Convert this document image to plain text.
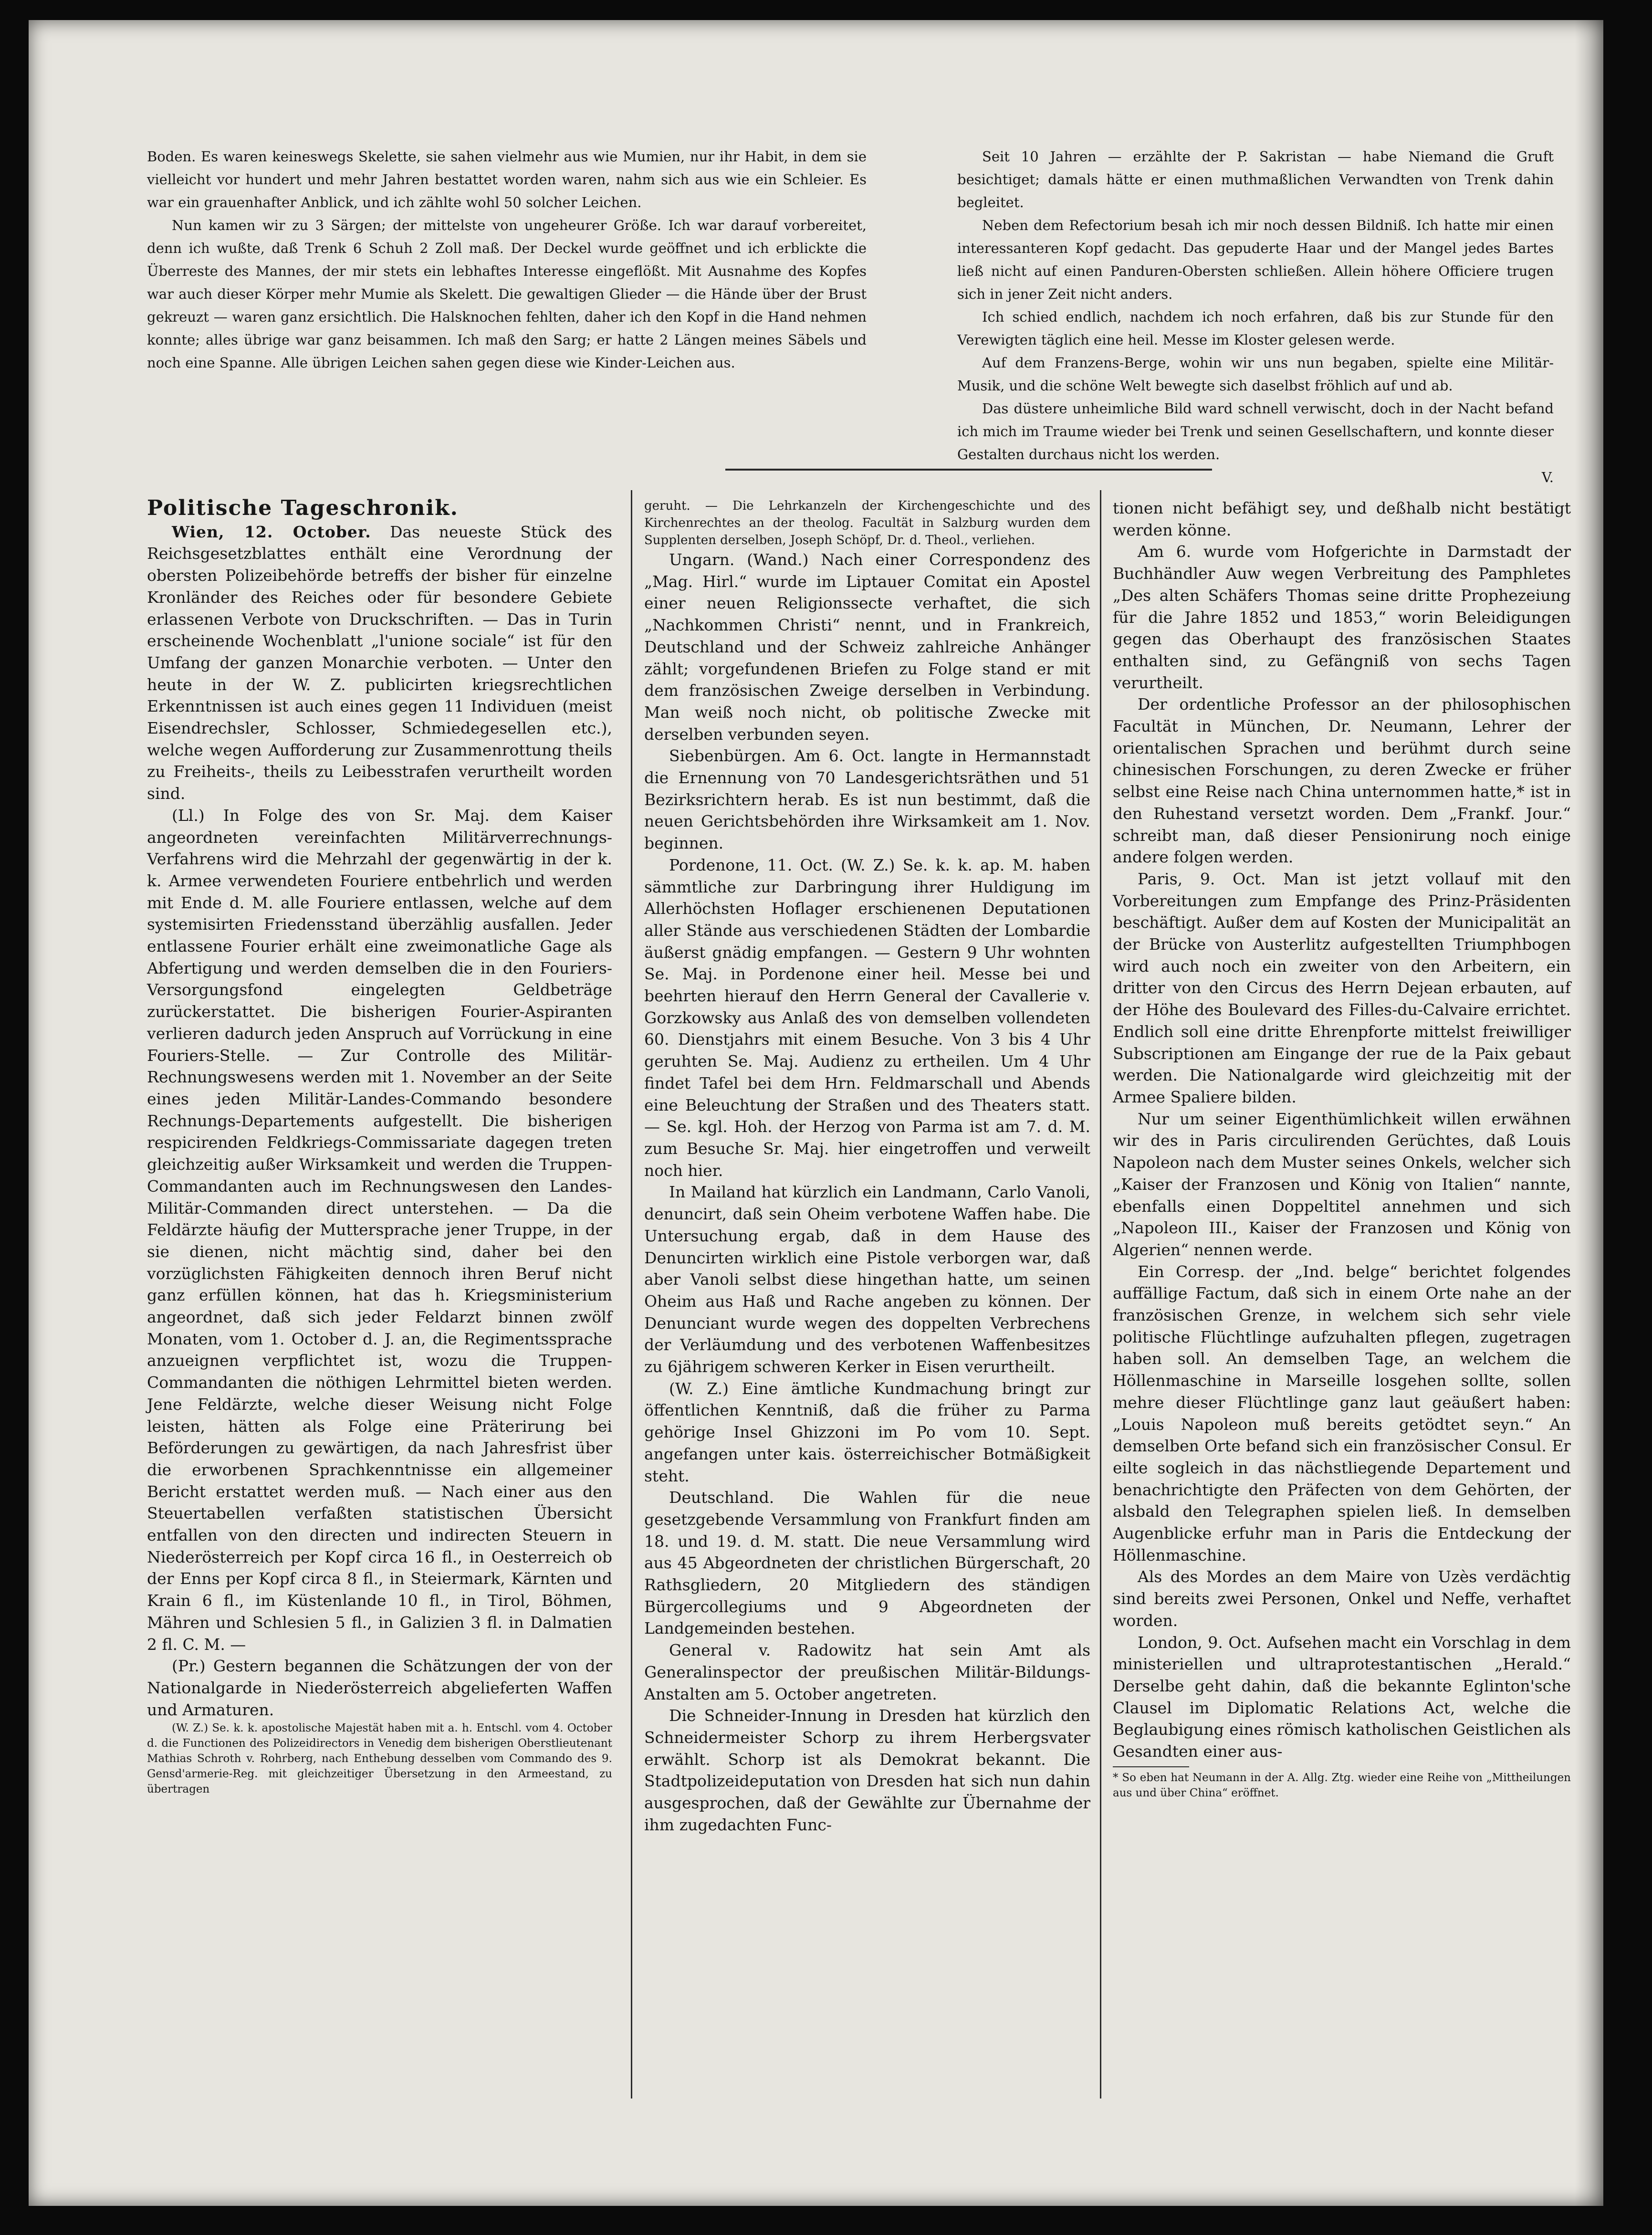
Boden. Es waren keineswegs Skelette, sie sahen vielmehr aus wie Mumien, nur ihr Habit, in dem sie vielleicht vor hundert und mehr Jahren bestattet worden waren, nahm sich aus wie ein Schleier. Es war ein grauenhafter Anblick, und ich zählte wohl 50 solcher Leichen.

Nun kamen wir zu 3 Särgen; der mittelste von ungeheurer Größe. Ich war darauf vorbereitet, denn ich wußte, daß Trenk 6 Schuh 2 Zoll maß. Der Deckel wurde geöffnet und ich erblickte die Überreste des Mannes, der mir stets ein lebhaftes Interesse eingeflößt. Mit Ausnahme des Kopfes war auch dieser Körper mehr Mumie als Skelett. Die gewaltigen Glieder — die Hände über der Brust gekreuzt — waren ganz ersichtlich. Die Halsknochen fehlten, daher ich den Kopf in die Hand nehmen konnte; alles übrige war ganz beisammen. Ich maß den Sarg; er hatte 2 Längen meines Säbels und noch eine Spanne. Alle übrigen Leichen sahen gegen diese wie Kinder-Leichen aus.

Seit 10 Jahren — erzählte der P. Sakristan — habe Niemand die Gruft besichtiget; damals hätte er einen muthmaßlichen Verwandten von Trenk dahin begleitet.

Neben dem Refectorium besah ich mir noch dessen Bildniß. Ich hatte mir einen interessanteren Kopf gedacht. Das gepuderte Haar und der Mangel jedes Bartes ließ nicht auf einen Panduren-Obersten schließen. Allein höhere Officiere trugen sich in jener Zeit nicht anders.

Ich schied endlich, nachdem ich noch erfahren, daß bis zur Stunde für den Verewigten täglich eine heil. Messe im Kloster gelesen werde.

Auf dem Franzens-Berge, wohin wir uns nun begaben, spielte eine Militär-Musik, und die schöne Welt bewegte sich daselbst fröhlich auf und ab.

Das düstere unheimliche Bild ward schnell verwischt, doch in der Nacht befand ich mich im Traume wieder bei Trenk und seinen Gesellschaftern, und konnte dieser Gestalten durchaus nicht los werden.

V.

Politische Tageschronik.

Wien, 12. October. Das neueste Stück des Reichsgesetzblattes enthält eine Verordnung der obersten Polizeibehörde betreffs der bisher für einzelne Kronländer des Reiches oder für besondere Gebiete erlassenen Verbote von Druckschriften. — Das in Turin erscheinende Wochenblatt „l'unione sociale“ ist für den Umfang der ganzen Monarchie verboten. — Unter den heute in der W. Z. publicirten kriegsrechtlichen Erkenntnissen ist auch eines gegen 11 Individuen (meist Eisendrechsler, Schlosser, Schmiedegesellen etc.), welche wegen Aufforderung zur Zusammenrottung theils zu Freiheits-, theils zu Leibesstrafen verurtheilt worden sind.

(Ll.) In Folge des von Sr. Maj. dem Kaiser angeordneten vereinfachten Militärverrechnungs-Verfahrens wird die Mehrzahl der gegenwärtig in der k. k. Armee verwendeten Fouriere entbehrlich und werden mit Ende d. M. alle Fouriere entlassen, welche auf dem systemisirten Friedensstand überzählig ausfallen. Jeder entlassene Fourier erhält eine zweimonatliche Gage als Abfertigung und werden demselben die in den Fouriers-Versorgungsfond eingelegten Geldbeträge zurückerstattet. Die bisherigen Fourier-Aspiranten verlieren dadurch jeden Anspruch auf Vorrückung in eine Fouriers-Stelle. — Zur Controlle des Militär-Rechnungswesens werden mit 1. November an der Seite eines jeden Militär-Landes-Commando besondere Rechnungs-Departements aufgestellt. Die bisherigen respicirenden Feldkriegs-Commissariate dagegen treten gleichzeitig außer Wirksamkeit und werden die Truppen-Commandanten auch im Rechnungswesen den Landes-Militär-Commanden direct unterstehen. — Da die Feldärzte häufig der Muttersprache jener Truppe, in der sie dienen, nicht mächtig sind, daher bei den vorzüglichsten Fähigkeiten dennoch ihren Beruf nicht ganz erfüllen können, hat das h. Kriegsministerium angeordnet, daß sich jeder Feldarzt binnen zwölf Monaten, vom 1. October d. J. an, die Regimentssprache anzueignen verpflichtet ist, wozu die Truppen-Commandanten die nöthigen Lehrmittel bieten werden. Jene Feldärzte, welche dieser Weisung nicht Folge leisten, hätten als Folge eine Präterirung bei Beförderungen zu gewärtigen, da nach Jahresfrist über die erworbenen Sprachkenntnisse ein allgemeiner Bericht erstattet werden muß. — Nach einer aus den Steuertabellen verfaßten statistischen Übersicht entfallen von den directen und indirecten Steuern in Niederösterreich per Kopf circa 16 fl., in Oesterreich ob der Enns per Kopf circa 8 fl., in Steiermark, Kärnten und Krain 6 fl., im Küstenlande 10 fl., in Tirol, Böhmen, Mähren und Schlesien 5 fl., in Galizien 3 fl. in Dalmatien 2 fl. C. M. —

(Pr.) Gestern begannen die Schätzungen der von der Nationalgarde in Niederösterreich abgelieferten Waffen und Armaturen.

(W. Z.) Se. k. k. apostolische Majestät haben mit a. h. Entschl. vom 4. October d. die Functionen des Polizeidirectors in Venedig dem bisherigen Oberstlieutenant Mathias Schroth v. Rohrberg, nach Enthebung desselben vom Commando des 9. Gensd'armerie-Reg. mit gleichzeitiger Übersetzung in den Armeestand, zu übertragen

geruht. — Die Lehrkanzeln der Kirchengeschichte und des Kirchenrechtes an der theolog. Facultät in Salzburg wurden dem Supplenten derselben, Joseph Schöpf, Dr. d. Theol., verliehen.

Ungarn. (Wand.) Nach einer Correspondenz des „Mag. Hirl.“ wurde im Liptauer Comitat ein Apostel einer neuen Religionssecte verhaftet, die sich „Nachkommen Christi“ nennt, und in Frankreich, Deutschland und der Schweiz zahlreiche Anhänger zählt; vorgefundenen Briefen zu Folge stand er mit dem französischen Zweige derselben in Verbindung. Man weiß noch nicht, ob politische Zwecke mit derselben verbunden seyen.

Siebenbürgen. Am 6. Oct. langte in Hermannstadt die Ernennung von 70 Landesgerichtsräthen und 51 Bezirksrichtern herab. Es ist nun bestimmt, daß die neuen Gerichtsbehörden ihre Wirksamkeit am 1. Nov. beginnen.

Pordenone, 11. Oct. (W. Z.) Se. k. k. ap. M. haben sämmtliche zur Darbringung ihrer Huldigung im Allerhöchsten Hoflager erschienenen Deputationen aller Stände aus verschiedenen Städten der Lombardie äußerst gnädig empfangen. — Gestern 9 Uhr wohnten Se. Maj. in Pordenone einer heil. Messe bei und beehrten hierauf den Herrn General der Cavallerie v. Gorzkowsky aus Anlaß des von demselben vollendeten 60. Dienstjahrs mit einem Besuche. Von 3 bis 4 Uhr geruhten Se. Maj. Audienz zu ertheilen. Um 4 Uhr findet Tafel bei dem Hrn. Feldmarschall und Abends eine Beleuchtung der Straßen und des Theaters statt. — Se. kgl. Hoh. der Herzog von Parma ist am 7. d. M. zum Besuche Sr. Maj. hier eingetroffen und verweilt noch hier.

In Mailand hat kürzlich ein Landmann, Carlo Vanoli, denuncirt, daß sein Oheim verbotene Waffen habe. Die Untersuchung ergab, daß in dem Hause des Denuncirten wirklich eine Pistole verborgen war, daß aber Vanoli selbst diese hingethan hatte, um seinen Oheim aus Haß und Rache angeben zu können. Der Denunciant wurde wegen des doppelten Verbrechens der Verläumdung und des verbotenen Waffenbesitzes zu 6jährigem schweren Kerker in Eisen verurtheilt.

(W. Z.) Eine ämtliche Kundmachung bringt zur öffentlichen Kenntniß, daß die früher zu Parma gehörige Insel Ghizzoni im Po vom 10. Sept. angefangen unter kais. österreichischer Botmäßigkeit steht.

Deutschland. Die Wahlen für die neue gesetzgebende Versammlung von Frankfurt finden am 18. und 19. d. M. statt. Die neue Versammlung wird aus 45 Abgeordneten der christlichen Bürgerschaft, 20 Rathsgliedern, 20 Mitgliedern des ständigen Bürgercollegiums und 9 Abgeordneten der Landgemeinden bestehen.

General v. Radowitz hat sein Amt als Generalinspector der preußischen Militär-Bildungs-Anstalten am 5. October angetreten.

Die Schneider-Innung in Dresden hat kürzlich den Schneidermeister Schorp zu ihrem Herbergsvater erwählt. Schorp ist als Demokrat bekannt. Die Stadtpolizeideputation von Dresden hat sich nun dahin ausgesprochen, daß der Gewählte zur Übernahme der ihm zugedachten Func-

tionen nicht befähigt sey, und deßhalb nicht bestätigt werden könne.

Am 6. wurde vom Hofgerichte in Darmstadt der Buchhändler Auw wegen Verbreitung des Pamphletes „Des alten Schäfers Thomas seine dritte Prophezeiung für die Jahre 1852 und 1853,“ worin Beleidigungen gegen das Oberhaupt des französischen Staates enthalten sind, zu Gefängniß von sechs Tagen verurtheilt.

Der ordentliche Professor an der philosophischen Facultät in München, Dr. Neumann, Lehrer der orientalischen Sprachen und berühmt durch seine chinesischen Forschungen, zu deren Zwecke er früher selbst eine Reise nach China unternommen hatte,* ist in den Ruhestand versetzt worden. Dem „Frankf. Jour.“ schreibt man, daß dieser Pensionirung noch einige andere folgen werden.

Paris, 9. Oct. Man ist jetzt vollauf mit den Vorbereitungen zum Empfange des Prinz-Präsidenten beschäftigt. Außer dem auf Kosten der Municipalität an der Brücke von Austerlitz aufgestellten Triumphbogen wird auch noch ein zweiter von den Arbeitern, ein dritter von den Circus des Herrn Dejean erbauten, auf der Höhe des Boulevard des Filles-du-Calvaire errichtet. Endlich soll eine dritte Ehrenpforte mittelst freiwilliger Subscriptionen am Eingange der rue de la Paix gebaut werden. Die Nationalgarde wird gleichzeitig mit der Armee Spaliere bilden.

Nur um seiner Eigenthümlichkeit willen erwähnen wir des in Paris circulirenden Gerüchtes, daß Louis Napoleon nach dem Muster seines Onkels, welcher sich „Kaiser der Franzosen und König von Italien“ nannte, ebenfalls einen Doppeltitel annehmen und sich „Napoleon III., Kaiser der Franzosen und König von Algerien“ nennen werde.

Ein Corresp. der „Ind. belge“ berichtet folgendes auffällige Factum, daß sich in einem Orte nahe an der französischen Grenze, in welchem sich sehr viele politische Flüchtlinge aufzuhalten pflegen, zugetragen haben soll. An demselben Tage, an welchem die Höllenmaschine in Marseille losgehen sollte, sollen mehre dieser Flüchtlinge ganz laut geäußert haben: „Louis Napoleon muß bereits getödtet seyn.“ An demselben Orte befand sich ein französischer Consul. Er eilte sogleich in das nächstliegende Departement und benachrichtigte den Präfecten von dem Gehörten, der alsbald den Telegraphen spielen ließ. In demselben Augenblicke erfuhr man in Paris die Entdeckung der Höllenmaschine.

Als des Mordes an dem Maire von Uzès verdächtig sind bereits zwei Personen, Onkel und Neffe, verhaftet worden.

London, 9. Oct. Aufsehen macht ein Vorschlag in dem ministeriellen und ultraprotestantischen „Herald.“ Derselbe geht dahin, daß die bekannte Eglinton'sche Clausel im Diplomatic Relations Act, welche die Beglaubigung eines römisch katholischen Geistlichen als Gesandten einer aus-

* So eben hat Neumann in der A. Allg. Ztg. wieder eine Reihe von „Mittheilungen aus und über China“ eröffnet.
